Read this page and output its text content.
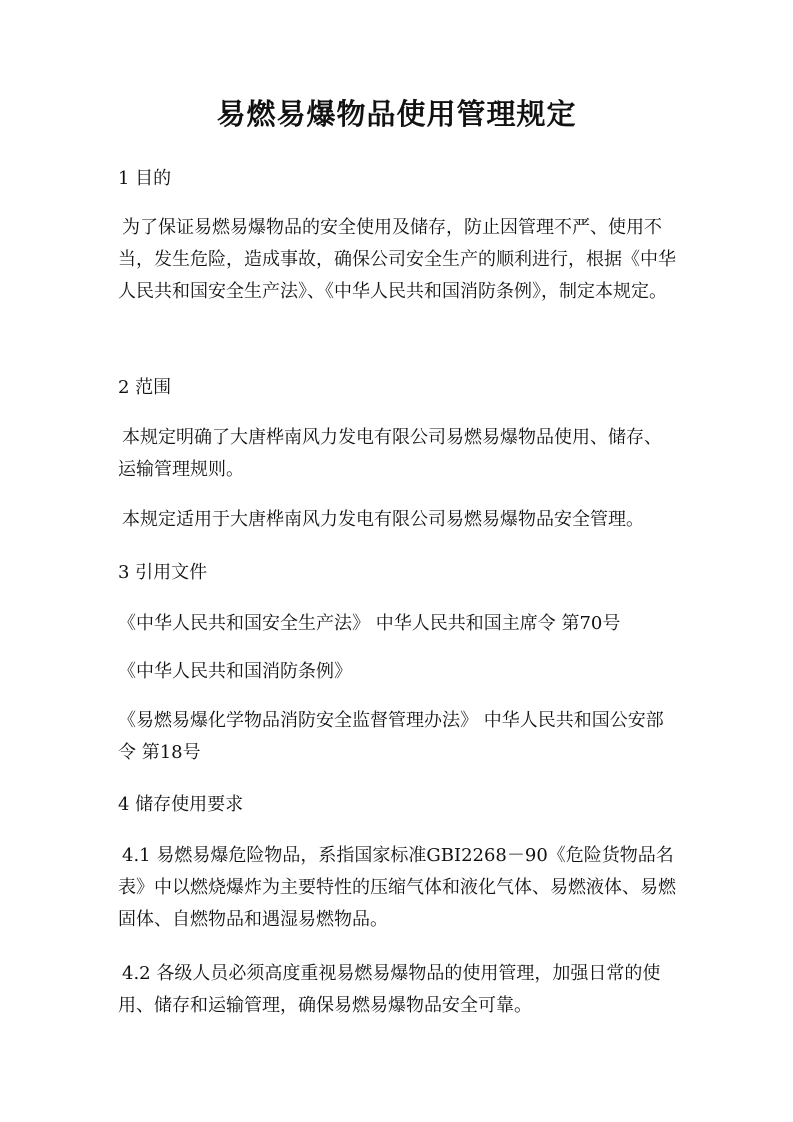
易燃易爆物品使用管理规定

1 目的

为了保证易燃易爆物品的安全使用及储存，防止因管理不严、使用不当，发生危险，造成事故，确保公司安全生产的顺利进行，根据《中华人民共和国安全生产法》、《中华人民共和国消防条例》，制定本规定。

2 范围

本规定明确了大唐桦南风力发电有限公司易燃易爆物品使用、储存、运输管理规则。

本规定适用于大唐桦南风力发电有限公司易燃易爆物品安全管理。

3 引用文件

《中华人民共和国安全生产法》 中华人民共和国主席令 第70号

《中华人民共和国消防条例》

《易燃易爆化学物品消防安全监督管理办法》 中华人民共和国公安部令 第18号

4 储存使用要求

4.1 易燃易爆危险物品，系指国家标准GBI2268－90《危险货物品名表》中以燃烧爆炸为主要特性的压缩气体和液化气体、易燃液体、易燃固体、自燃物品和遇湿易燃物品。

4.2 各级人员必须高度重视易燃易爆物品的使用管理，加强日常的使用、储存和运输管理，确保易燃易爆物品安全可靠。
